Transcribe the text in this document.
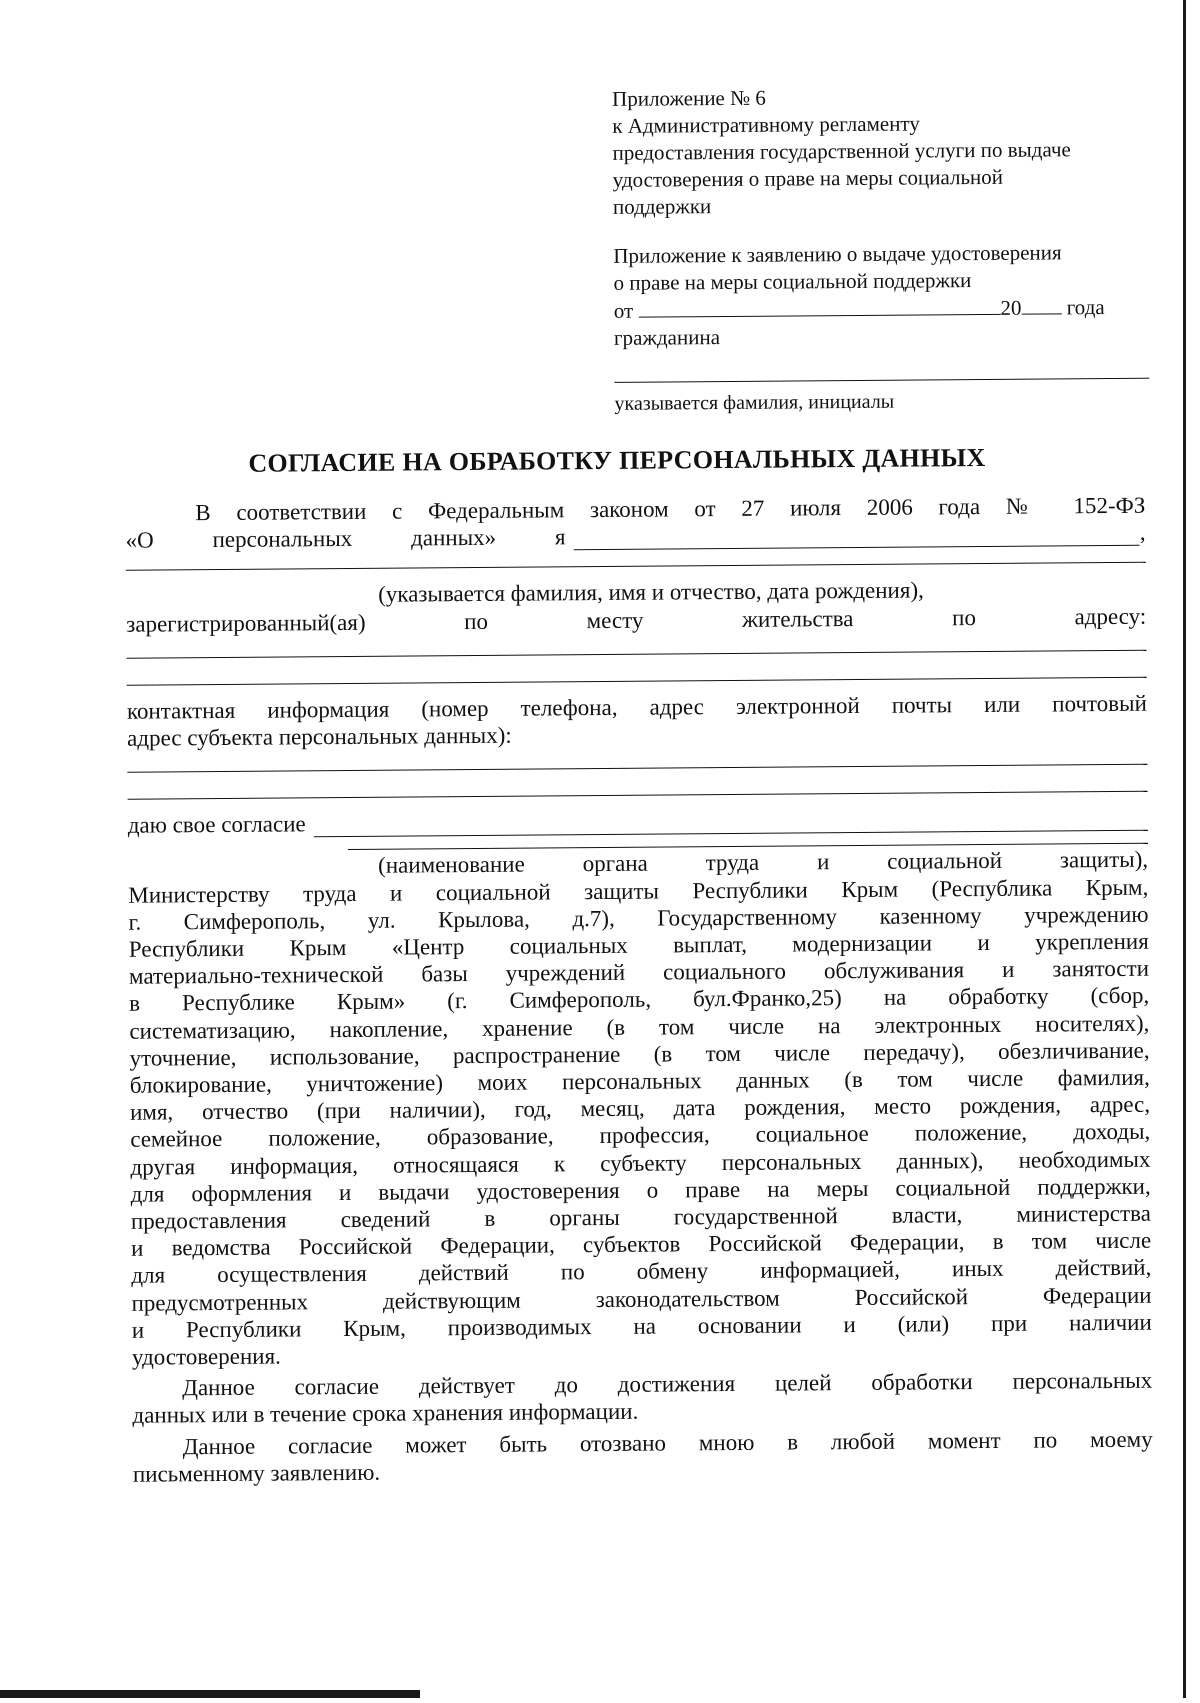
Приложение № 6
к Административному регламенту
предоставления государственной услуги по выдаче
удостоверения о праве на меры социальной
поддержки
Приложение к заявлению о выдаче удостоверения
о праве на меры социальной поддержки
от	20 года
гражданина
указывается фамилия, инициалы
СОГЛАСИЕ НА ОБРАБОТКУ ПЕРСОНАЛЬНЫХ ДАННЫХ
В соответствии с Федеральным законом от 27 июля 2006 года № 152-ФЗ
«О персональных данных» я	,
(указывается фамилия, имя и отчество, дата рождения),
зарегистрированный(ая) по месту жительства по адресу:
контактная информация (номер телефона, адрес электронной почты или почтовый
адрес субъекта персональных данных):
даю свое согласие
(наименование органа труда и социальной защиты),
Министерству труда и социальной защиты Республики Крым (Республика Крым,
г. Симферополь, ул. Крылова, д.7), Государственному казенному учреждению
Республики Крым «Центр социальных выплат, модернизации и укрепления
материально-технической базы учреждений социального обслуживания и занятости
в Республике Крым» (г. Симферополь, бул.Франко,25) на обработку (сбор,
систематизацию, накопление, хранение (в том числе на электронных носителях),
уточнение, использование, распространение (в том числе передачу), обезличивание,
блокирование, уничтожение) моих персональных данных (в том числе фамилия,
имя, отчество (при наличии), год, месяц, дата рождения, место рождения, адрес,
семейное положение, образование, профессия, социальное положение, доходы,
другая информация, относящаяся к субъекту персональных данных), необходимых
для оформления и выдачи удостоверения о праве на меры социальной поддержки,
предоставления сведений в органы государственной власти, министерства
и ведомства Российской Федерации, субъектов Российской Федерации, в том числе
для осуществления действий по обмену информацией, иных действий,
предусмотренных действующим законодательством Российской Федерации
и Республики Крым, производимых на основании и (или) при наличии
удостоверения.
Данное согласие действует до достижения целей обработки персональных
данных или в течение срока хранения информации.
Данное согласие может быть отозвано мною в любой момент по моему
письменному заявлению.
